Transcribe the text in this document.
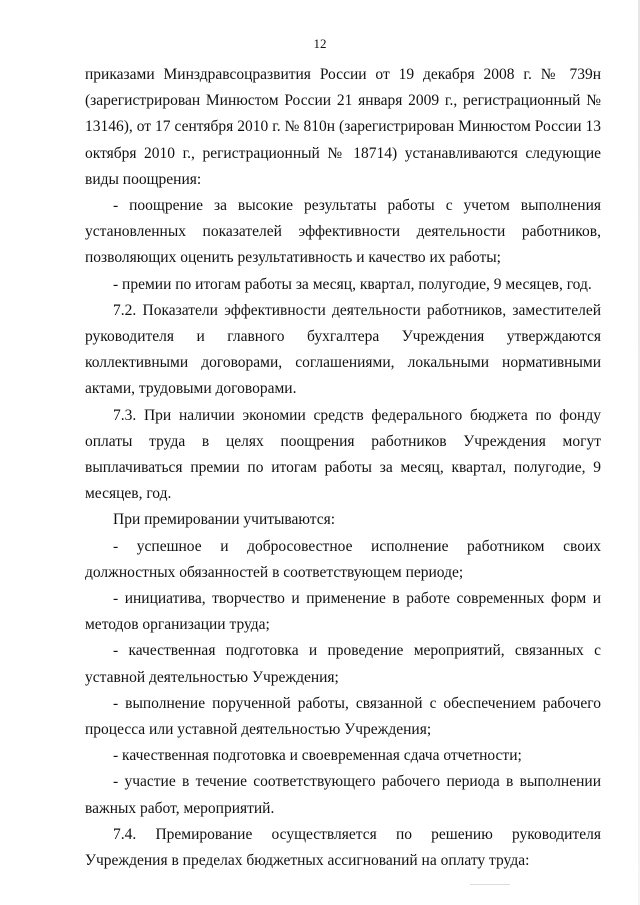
12

приказами Минздравсоцразвития России от 19 декабря 2008 г. № 739н (зарегистрирован Минюстом России 21 января 2009 г., регистрационный № 13146), от 17 сентября 2010 г. № 810н (зарегистрирован Минюстом России 13 октября 2010 г., регистрационный № 18714) устанавливаются следующие виды поощрения:

- поощрение за высокие результаты работы с учетом выполнения установленных показателей эффективности деятельности работников, позволяющих оценить результативность и качество их работы;

- премии по итогам работы за месяц, квартал, полугодие, 9 месяцев, год.

7.2. Показатели эффективности деятельности работников, заместителей руководителя и главного бухгалтера Учреждения утверждаются коллективными договорами, соглашениями, локальными нормативными актами, трудовыми договорами.

7.3. При наличии экономии средств федерального бюджета по фонду оплаты труда в целях поощрения работников Учреждения могут выплачиваться премии по итогам работы за месяц, квартал, полугодие, 9 месяцев, год.

При премировании учитываются:

- успешное и добросовестное исполнение работником своих должностных обязанностей в соответствующем периоде;

- инициатива, творчество и применение в работе современных форм и методов организации труда;

- качественная подготовка и проведение мероприятий, связанных с уставной деятельностью Учреждения;

- выполнение порученной работы, связанной с обеспечением рабочего процесса или уставной деятельностью Учреждения;

- качественная подготовка и своевременная сдача отчетности;

- участие в течение соответствующего рабочего периода в выполнении важных работ, мероприятий.

7.4. Премирование осуществляется по решению руководителя Учреждения в пределах бюджетных ассигнований на оплату труда:
